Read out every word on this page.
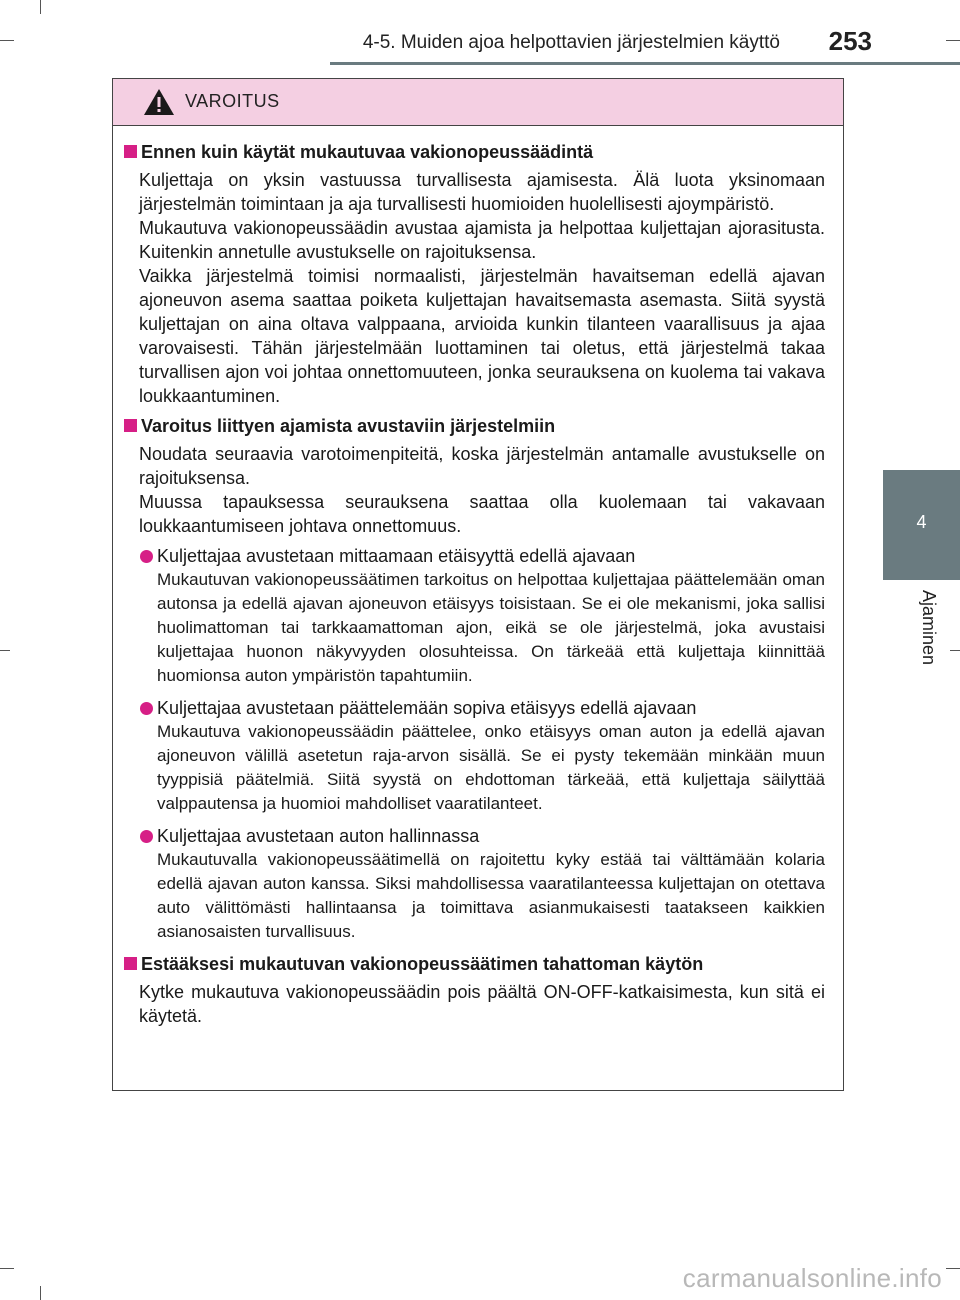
4-5. Muiden ajoa helpottavien järjestelmien käyttö 253
4
Ajaminen
VAROITUS
Ennen kuin käytät mukautuvaa vakionopeussäädintä

Kuljettaja on yksin vastuussa turvallisesta ajamisesta. Älä luota yksinomaan järjestelmän toimintaan ja aja turvallisesti huomioiden huolellisesti ajoympäristö.

Mukautuva vakionopeussäädin avustaa ajamista ja helpottaa kuljettajan ajorasitusta. Kuitenkin annetulle avustukselle on rajoituksensa.

Vaikka järjestelmä toimisi normaalisti, järjestelmän havaitseman edellä ajavan ajoneuvon asema saattaa poiketa kuljettajan havaitsemasta asemasta. Siitä syystä kuljettajan on aina oltava valppaana, arvioida kunkin tilanteen vaarallisuus ja ajaa varovaisesti. Tähän järjestelmään luottaminen tai oletus, että järjestelmä takaa turvallisen ajon voi johtaa onnettomuuteen, jonka seurauksena on kuolema tai vakava loukkaantuminen.

Varoitus liittyen ajamista avustaviin järjestelmiin

Noudata seuraavia varotoimenpiteitä, koska järjestelmän antamalle avustukselle on rajoituksensa.

Muussa tapauksessa seurauksena saattaa olla kuolemaan tai vakavaan loukkaantumiseen johtava onnettomuus.

Kuljettajaa avustetaan mittaamaan etäisyyttä edellä ajavaan
Mukautuvan vakionopeussäätimen tarkoitus on helpottaa kuljettajaa päättelemään oman autonsa ja edellä ajavan ajoneuvon etäisyys toisistaan. Se ei ole mekanismi, joka sallisi huolimattoman tai tarkkaamattoman ajon, eikä se ole järjestelmä, joka avustaisi kuljettajaa huonon näkyvyyden olosuhteissa. On tärkeää että kuljettaja kiinnittää huomionsa auton ympäristön tapahtumiin.
Kuljettajaa avustetaan päättelemään sopiva etäisyys edellä ajavaan
Mukautuva vakionopeussäädin päättelee, onko etäisyys oman auton ja edellä ajavan ajoneuvon välillä asetetun raja-arvon sisällä. Se ei pysty tekemään minkään muun tyyppisiä päätelmiä. Siitä syystä on ehdottoman tärkeää, että kuljettaja säilyttää valppautensa ja huomioi mahdolliset vaaratilanteet.
Kuljettajaa avustetaan auton hallinnassa
Mukautuvalla vakionopeussäätimellä on rajoitettu kyky estää tai välttämään kolaria edellä ajavan auton kanssa. Siksi mahdollisessa vaaratilanteessa kuljettajan on otettava auto välittömästi hallintaansa ja toimittava asianmukaisesti taatakseen kaikkien asianosaisten turvallisuus.
Estääksesi mukautuvan vakionopeussäätimen tahattoman käytön

Kytke mukautuva vakionopeussäädin pois päältä ON-OFF-katkaisimesta, kun sitä ei käytetä.

carmanualsonline.info
